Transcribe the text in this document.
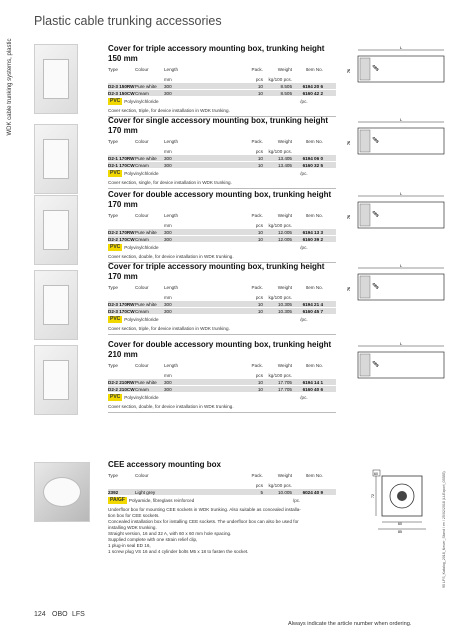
WDK cable trunking systems, plastic
Plastic cable trunking accessories
Cover for triple accessory mounting box, trunking height 150 mm
Type	Colour	Length	Pack.	Weight	Item No.
mm	pcs	kg/100 pcs.
D2-3 150RW Pure white	300	10	8.505	6194 20 6
D2-3 150CW Cream	300	10	8.505	6160 42 2
PVC Polyvinylchloride	/pc.
Cover section, triple, for device installation in WDK trunking.
Cover for single accessory mounting box, trunking height 170 mm
Type	Colour	Length	Pack.	Weight	Item No.
mm	pcs	kg/100 pcs.
D2-1 170RW Pure white	300	10	13.405	6194 06 0
D2-1 170CW Cream	300	10	13.405	6160 32 5
PVC Polyvinylchloride	/pc.
Cover section, single, for device installation in WDK trunking.
Cover for double accessory mounting box, trunking height 170 mm
Type	Colour	Length	Pack.	Weight	Item No.
mm	pcs	kg/100 pcs.
D2-2 170RW Pure white	300	10	12.005	6194 13 3
D2-2 170CW Cream	300	10	12.005	6160 39 2
PVC Polyvinylchloride	/pc.
Cover section, double, for device installation in WDK trunking.
Cover for triple accessory mounting box, trunking height 170 mm
Type	Colour	Length	Pack.	Weight	Item No.
mm	pcs	kg/100 pcs.
D2-3 170RW Pure white	300	10	10.305	6194 21 4
D2-3 170CW Cream	300	10	10.305	6160 45 7
PVC Polyvinylchloride	/pc.
Cover section, triple, for device installation in WDK trunking.
Cover for double accessory mounting box, trunking height 210 mm
Type	Colour	Length	Pack.	Weight	Item No.
mm	pcs	kg/100 pcs.
D2-2 210RW Pure white	300	10	17.705	6194 14 1
D2-2 210CW Cream	300	10	17.705	6160 40 6
PVC Polyvinylchloride	/pc.
Cover section, double, for device installation in WDK trunking.
CEE accessory mounting box
Type	Colour	Pack.	Weight	Item No.
pcs	kg/100 pcs.
2392	Light grey	5	10.005	6024 40 9
PA/GF Polyamide, fibreglass reinforced	/pc.
Underfloor box for mounting CEE sockets in WDK trunking. Also suitable as concealed installa-
tion box for CEE sockets.
Concealed installation box for installing CEE sockets. The underfloor box can also be used for
installing WDK trunking.
Straight version, 16 and 32 A, with 60 x 60 mm hole spacing.
Supplied complete with one strain relief clip,
1 plug-in seal ED 16,
1 screw plug VS 16 and 4 cylinder bolts M5 x 18 to fasten the socket.
L
ABS
76
L
ABS
76
L
ABS
76
L
ABS
76
L
ABS
60
85
72
60	95 LFS_Katalog_2018_Neuer_Stand / en / 25/02/2018 (LLExport_03585)
124 OBO LFS
Always indicate the article number when ordering.
